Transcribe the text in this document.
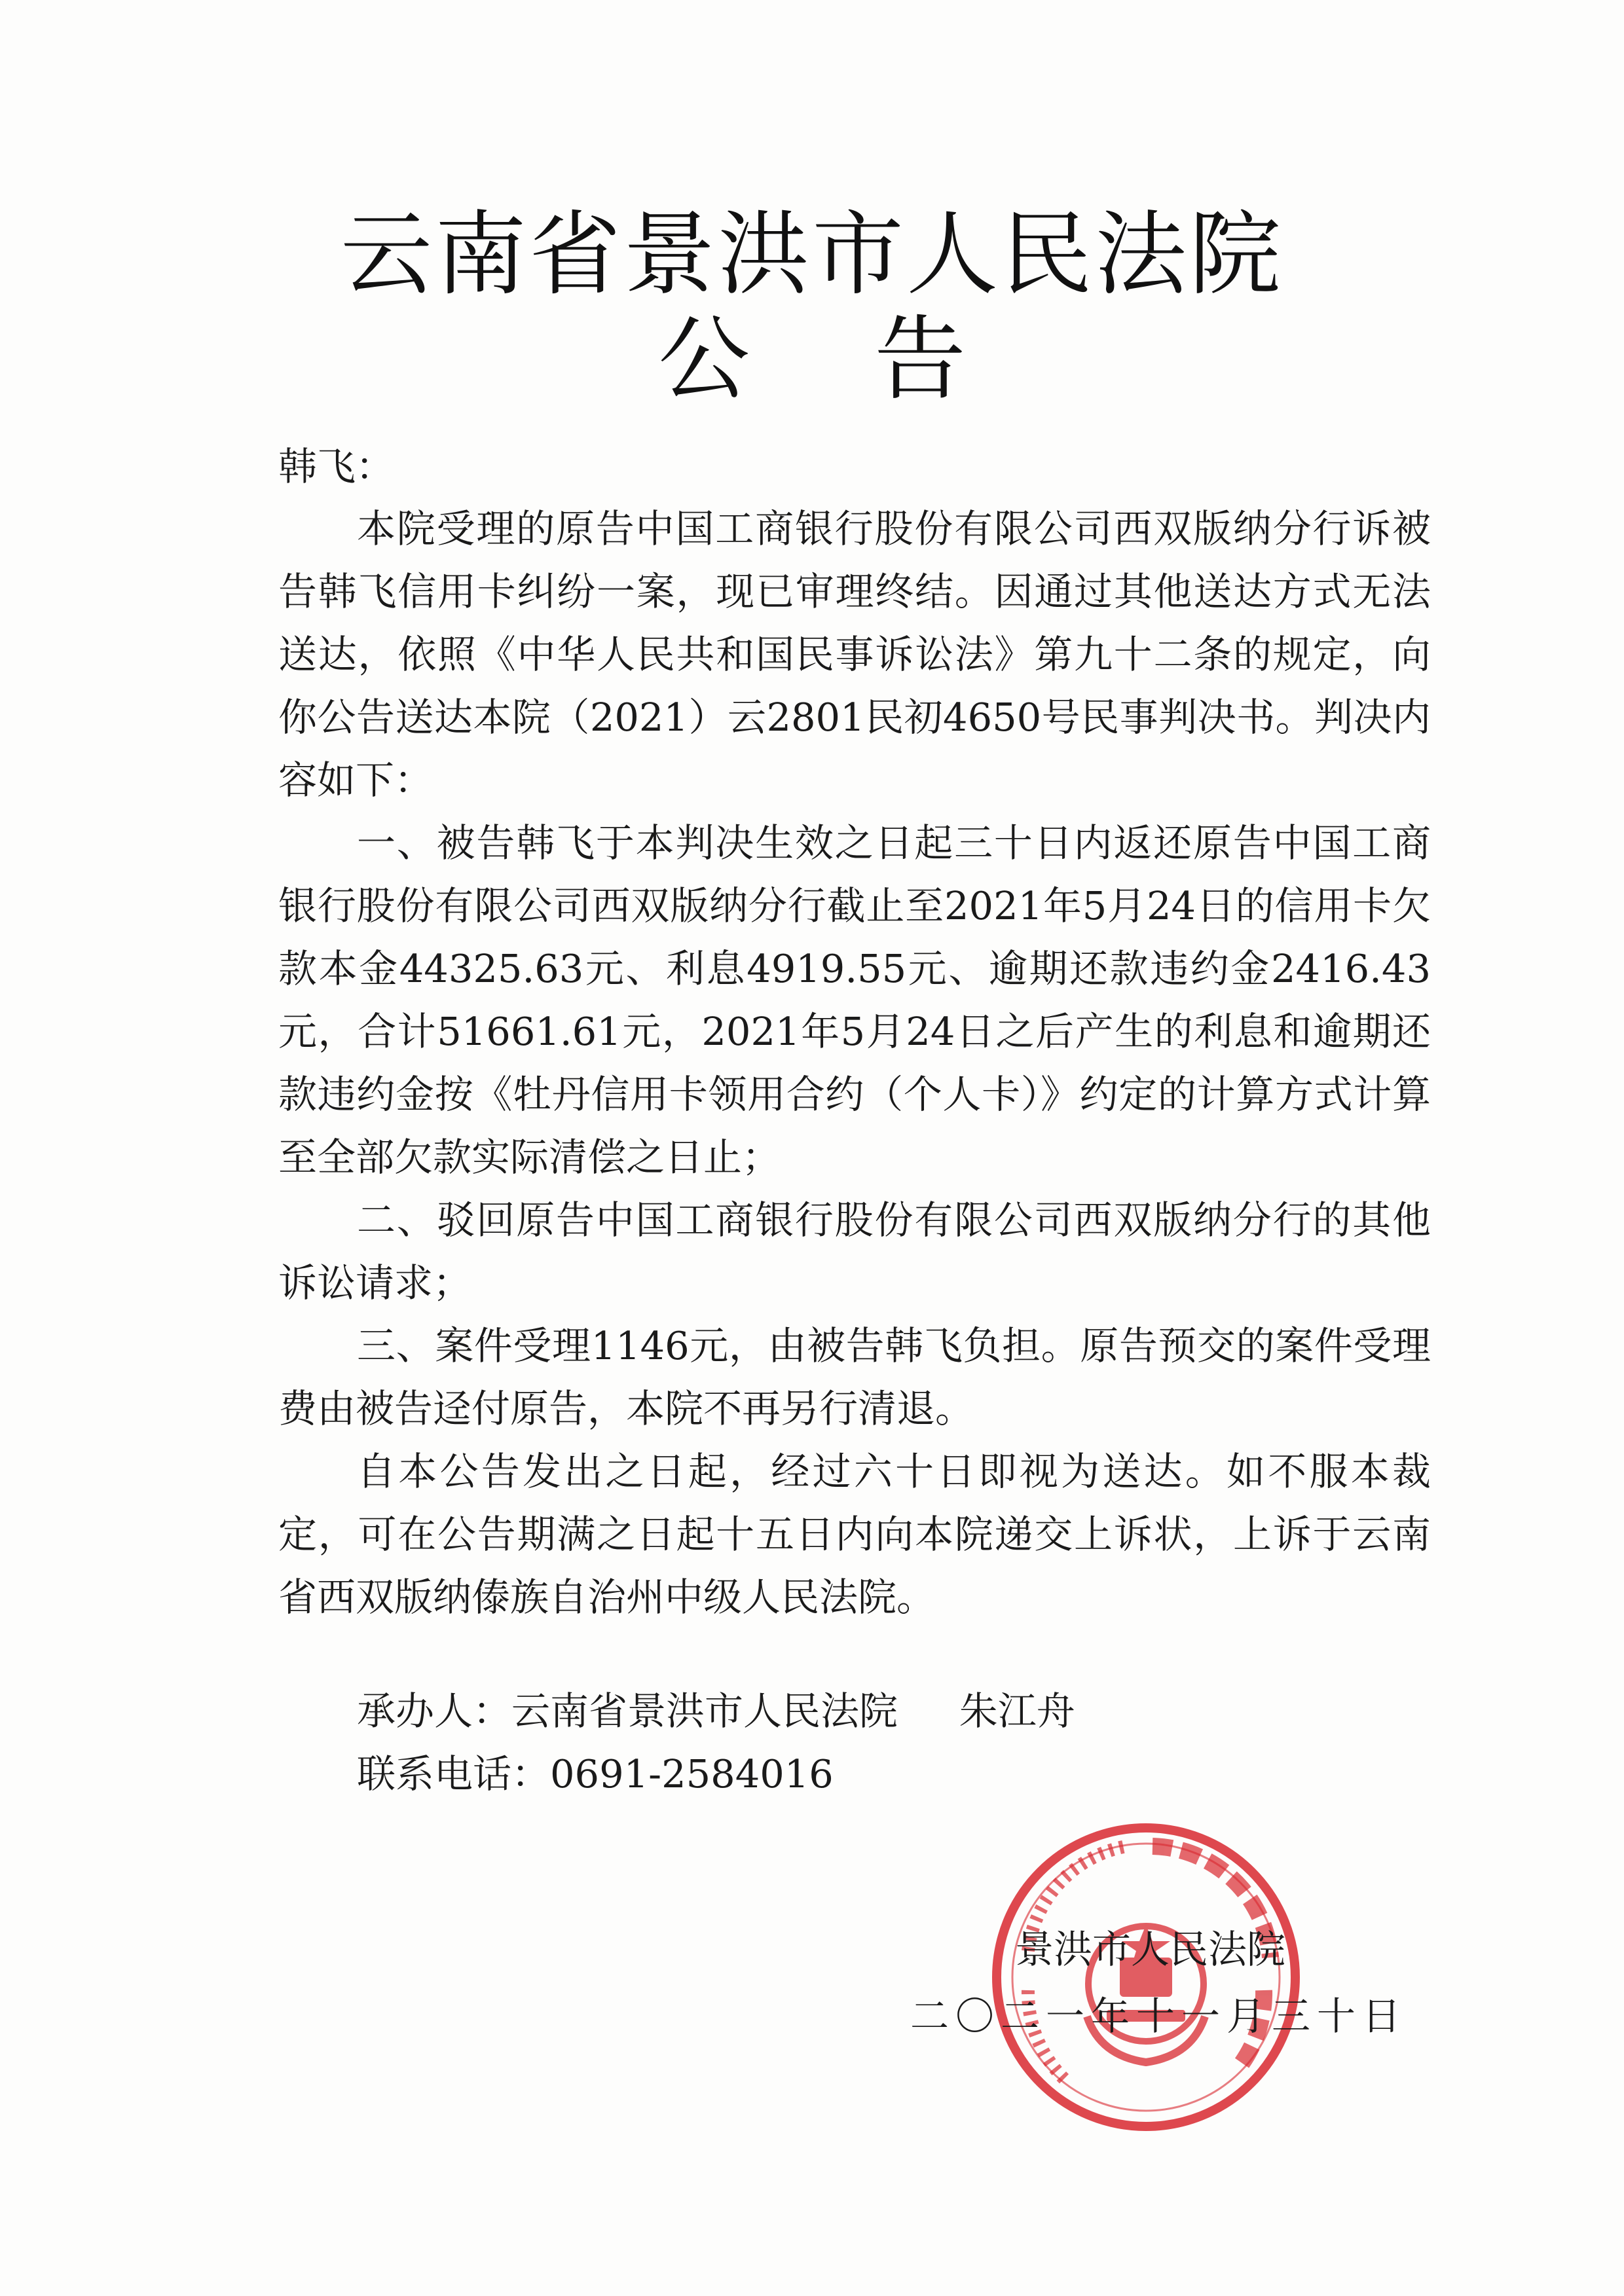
云南省景洪市人民法院
公告
韩飞：

本院受理的原告中国工商银行股份有限公司西双版纳分行诉被告韩飞信用卡纠纷一案，现已审理终结。因通过其他送达方式无法送达，依照《中华人民共和国民事诉讼法》第九十二条的规定，向你公告送达本院（2021）云2801民初4650号民事判决书。判决内容如下：

一、被告韩飞于本判决生效之日起三十日内返还原告中国工商银行股份有限公司西双版纳分行截止至2021年5月24日的信用卡欠款本金44325.63元、利息4919.55元、逾期还款违约金2416.43元，合计51661.61元，2021年5月24日之后产生的利息和逾期还款违约金按《牡丹信用卡领用合约（个人卡）》约定的计算方式计算至全部欠款实际清偿之日止；

二、驳回原告中国工商银行股份有限公司西双版纳分行的其他诉讼请求；

三、案件受理1146元，由被告韩飞负担。原告预交的案件受理费由被告迳付原告，本院不再另行清退。

自本公告发出之日起，经过六十日即视为送达。如不服本裁定，可在公告期满之日起十五日内向本院递交上诉状，上诉于云南省西双版纳傣族自治州中级人民法院。

承办人：云南省景洪市人民法院     朱江舟
联系电话：0691-2584016
景洪市人民法院
二〇二一年十一月三十日
